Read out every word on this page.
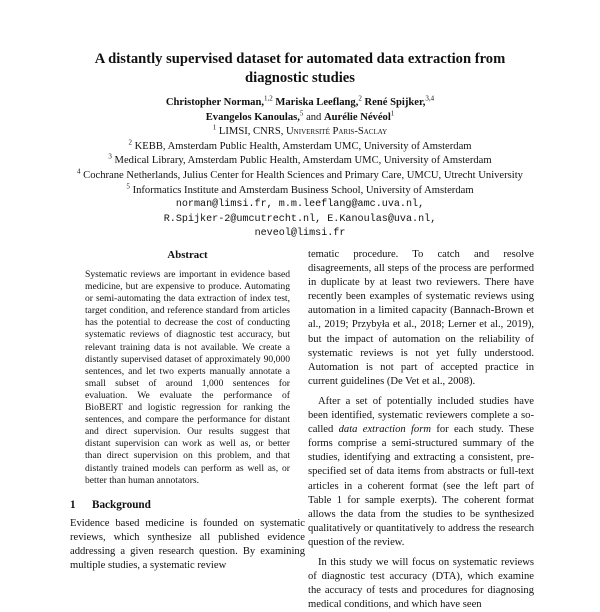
A distantly supervised dataset for automated data extraction from
diagnostic studies
Christopher Norman,$^{1,2}$ Mariska Leeflang,$^2$ René Spijker,$^{3,4}$
Evangelos Kanoulas,$^5$ and Aurélie Névéol$^1$
$^1$ LIMSI, CNRS, Université Paris-Saclay
$^2$ KEBB, Amsterdam Public Health, Amsterdam UMC, University of Amsterdam
$^3$ Medical Library, Amsterdam Public Health, Amsterdam UMC, University of Amsterdam
$^4$ Cochrane Netherlands, Julius Center for Health Sciences and Primary Care, UMCU, Utrecht University
$^5$ Informatics Institute and Amsterdam Business School, University of Amsterdam
norman@limsi.fr, m.m.leeflang@amc.uva.nl,
R.Spijker-2@umcutrecht.nl, E.Kanoulas@uva.nl,
neveol@limsi.fr
Abstract

Systematic reviews are important in evidence based medicine, but are expensive to produce. Automating or semi-automating the data extraction of index test, target condition, and reference standard from articles has the potential to decrease the cost of conducting systematic reviews of diagnostic test accuracy, but relevant training data is not available. We create a distantly supervised dataset of approximately 90,000 sentences, and let two experts manually annotate a small subset of around 1,000 sentences for evaluation. We evaluate the performance of BioBERT and logistic regression for ranking the sentences, and compare the performance for distant and direct supervision. Our results suggest that distant supervision can work as well as, or better than direct supervision on this problem, and that distantly trained models can perform as well as, or better than human annotators.

1 Background

Evidence based medicine is founded on systematic reviews, which synthesize all published evidence addressing a given research question. By examining multiple studies, a systematic review

tematic procedure. To catch and resolve disagreements, all steps of the process are performed in duplicate by at least two reviewers. There have recently been examples of systematic reviews using automation in a limited capacity (Bannach-Brown et al., 2019; Przybyła et al., 2018; Lerner et al., 2019), but the impact of automation on the reliability of systematic reviews is not yet fully understood. Automation is not part of accepted practice in current guidelines (De Vet et al., 2008).

After a set of potentially included studies have been identified, systematic reviewers complete a so-called data extraction form for each study. These forms comprise a semi-structured summary of the studies, identifying and extracting a consistent, pre-specified set of data items from abstracts or full-text articles in a coherent format (see the left part of Table 1 for sample exerpts). The coherent format allows the data from the studies to be synthesized qualitatively or quantitatively to address the research question of the review.

In this study we will focus on systematic reviews of diagnostic test accuracy (DTA), which examine the accuracy of tests and procedures for diagnosing medical conditions, and which have seen
